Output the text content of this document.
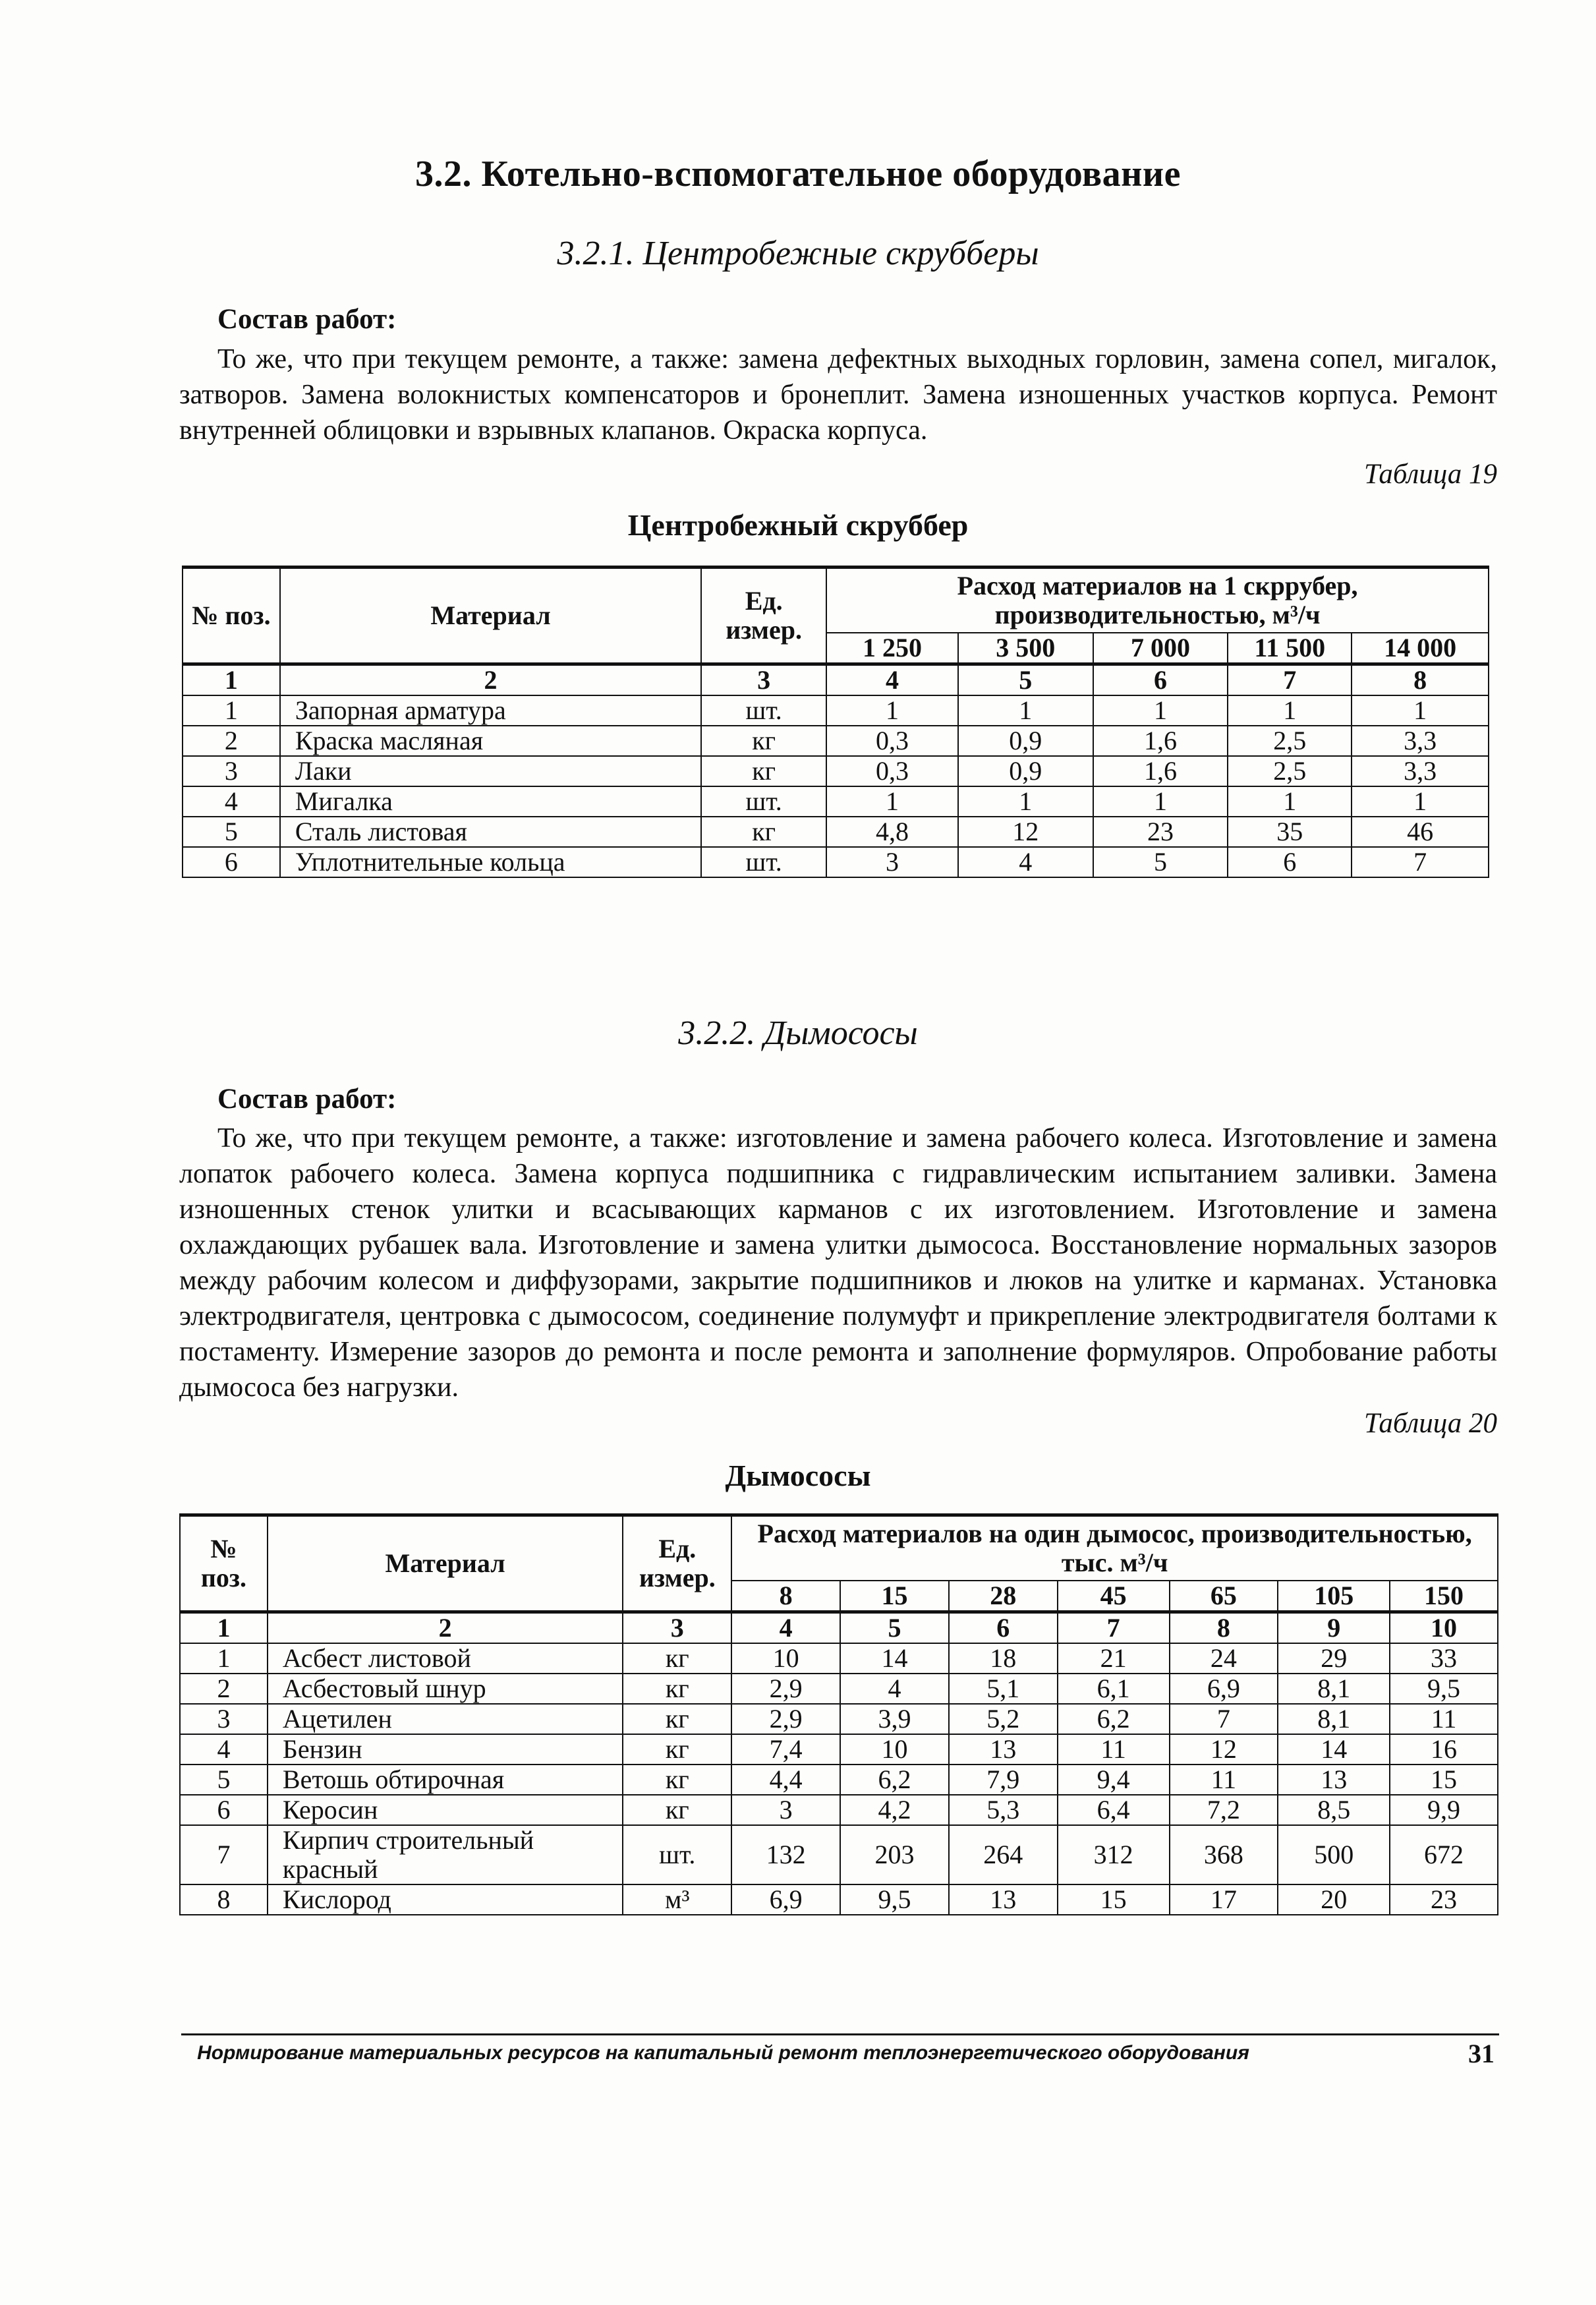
3.2. Котельно-вспомогательное оборудование
3.2.1. Центробежные скрубберы
Состав работ:

То же, что при текущем ремонте, а также: замена дефектных выходных горловин, замена сопел, мигалок, затворов. Замена волокнистых компенсаторов и бронеплит. Замена изношенных участков корпуса. Ремонт внутренней облицовки и взрывных клапанов. Окраска корпуса.

Таблица 19
Центробежный скруббер
№ поз.	Материал	Ед. измер.	Расход материалов на 1 скррубер, производительностью, м³/ч				
			1 250	3 500	7 000	11 500	14 000
1	2	3	4	5	6	7	8
1	Запорная арматура	шт.	1	1	1	1	1
2	Краска масляная	кг	0,3	0,9	1,6	2,5	3,3
3	Лаки	кг	0,3	0,9	1,6	2,5	3,3
4	Мигалка	шт.	1	1	1	1	1
5	Сталь листовая	кг	4,8	12	23	35	46
6	Уплотнительные кольца	шт.	3	4	5	6	7
3.2.2. Дымососы
Состав работ:

То же, что при текущем ремонте, а также: изготовление и замена рабочего колеса. Изготовление и замена лопаток рабочего колеса. Замена корпуса подшипника с гидравлическим испытанием заливки. Замена изношенных стенок улитки и всасывающих карманов с их изготовлением. Изготовление и замена охлаждающих рубашек вала. Изготовление и замена улитки дымососа. Восстановление нормальных зазоров между рабочим колесом и диффузорами, закрытие подшипников и люков на улитке и карманах. Установка электродвигателя, центровка с дымососом, соединение полумуфт и прикрепление электродвигателя болтами к постаменту. Измерение зазоров до ремонта и после ремонта и заполнение формуляров. Опробование работы дымососа без нагрузки.

Таблица 20
Дымососы
№ поз.	Материал	Ед. измер.	Расход материалов на один дымосос, производительностью, тыс. м³/ч						
			8	15	28	45	65	105	150
1	2	3	4	5	6	7	8	9	10
1	Асбест листовой	кг	10	14	18	21	24	29	33
2	Асбестовый шнур	кг	2,9	4	5,1	6,1	6,9	8,1	9,5
3	Ацетилен	кг	2,9	3,9	5,2	6,2	7	8,1	11
4	Бензин	кг	7,4	10	13	11	12	14	16
5	Ветошь обтирочная	кг	4,4	6,2	7,9	9,4	11	13	15
6	Керосин	кг	3	4,2	5,3	6,4	7,2	8,5	9,9
7	Кирпич строительный красный	шт.	132	203	264	312	368	500	672
8	Кислород	м³	6,9	9,5	13	15	17	20	23
Нормирование материальных ресурсов на капитальный ремонт теплоэнергетического оборудования	31
